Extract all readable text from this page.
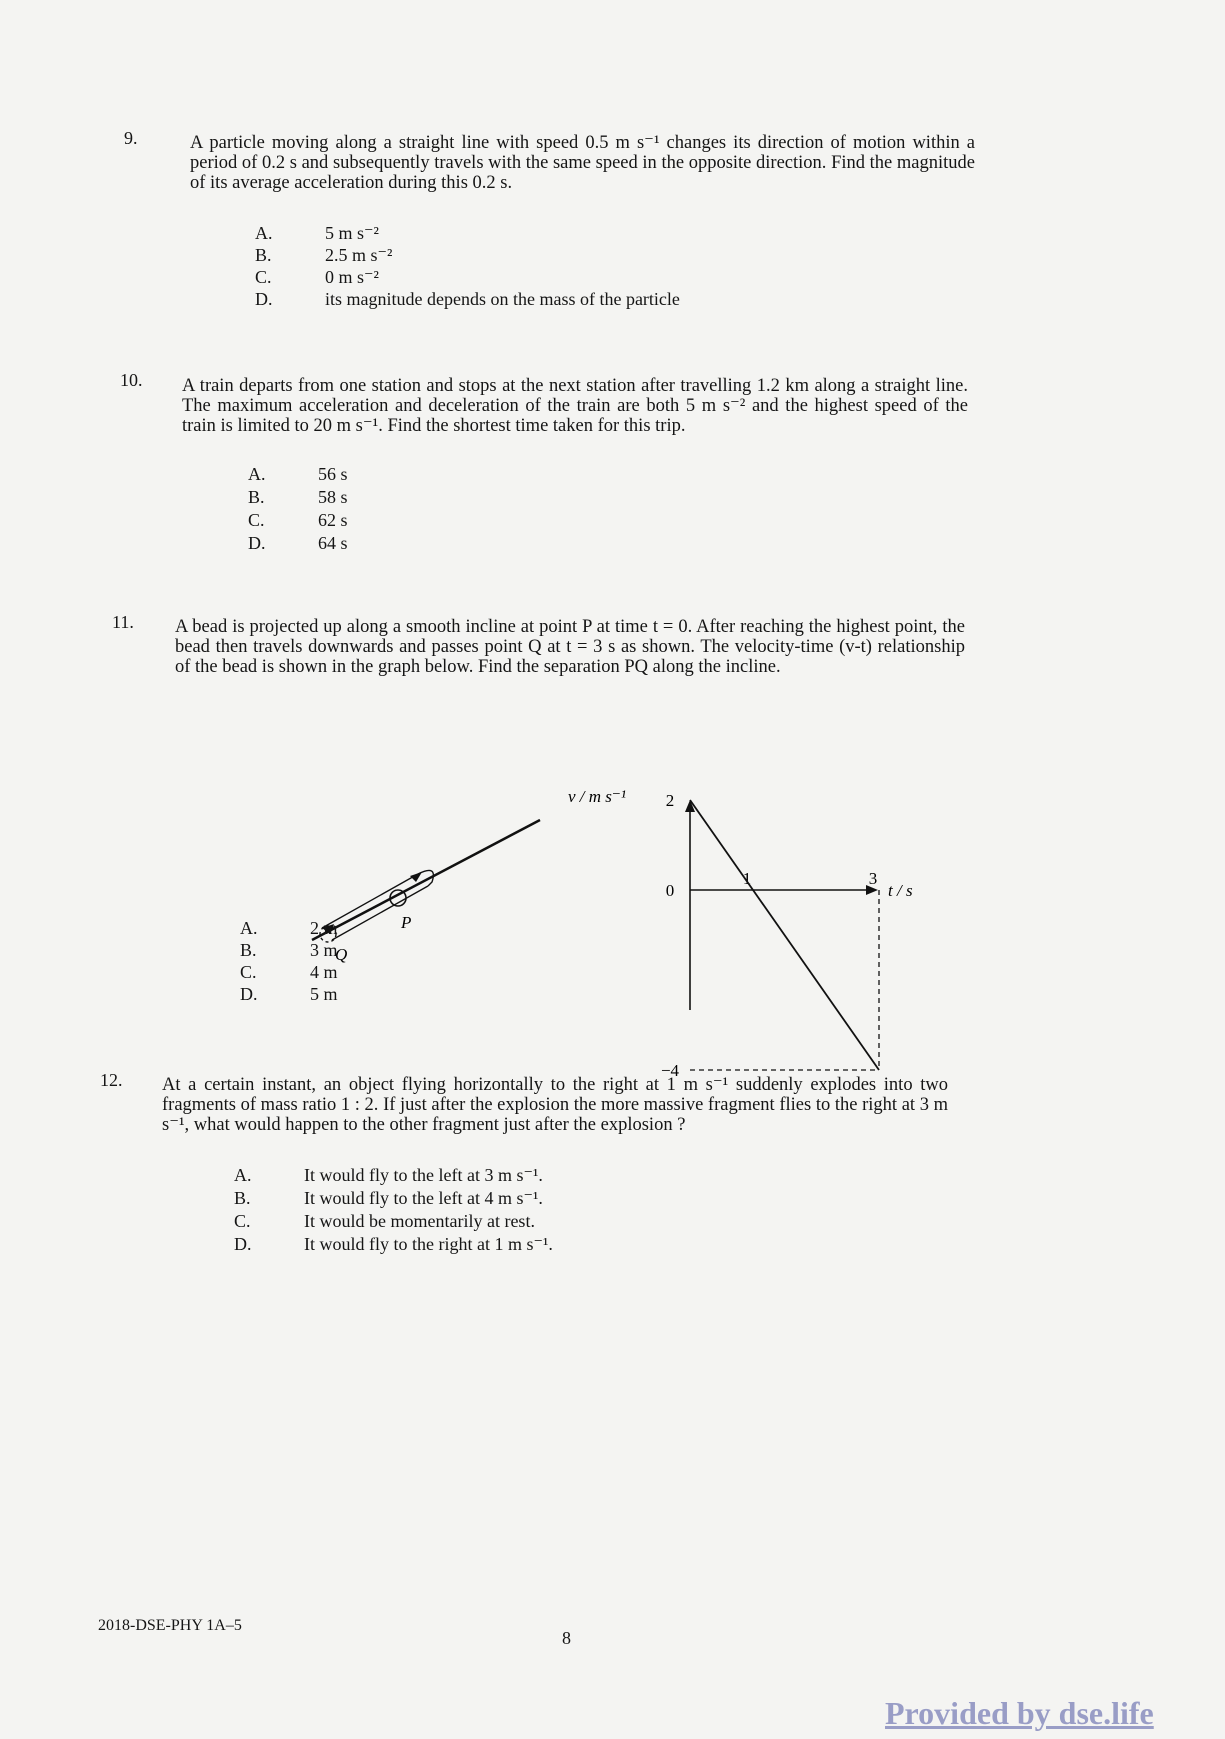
9.	A particle moving along a straight line with speed 0.5 m s⁻¹ changes its direction of motion within a period of 0.2 s and subsequently travels with the same speed in the opposite direction. Find the magnitude of its average acceleration during this 0.2 s.
A.	5 m s⁻²
B.	2.5 m s⁻²
C.	0 m s⁻²
D.	its magnitude depends on the mass of the particle
10. A train departs from one station and stops at the next station after travelling 1.2 km along a straight line. The maximum acceleration and deceleration of the train are both 5 m s⁻² and the highest speed of the train is limited to 20 m s⁻¹. Find the shortest time taken for this trip.
A.	56 s
B.	58 s
C.	62 s
D.	64 s
11. A bead is projected up along a smooth incline at point P at time t = 0. After reaching the highest point, the bead then travels downwards and passes point Q at t = 3 s as shown. The velocity-time (v-t) relationship of the bead is shown in the graph below. Find the separation PQ along the incline.
P
Q
v / m s⁻¹
t / s
2
0
−4
1	3
A.	2 m
B.	3 m
C.	4 m
D.	5 m
12. At a certain instant, an object flying horizontally to the right at 1 m s⁻¹ suddenly explodes into two fragments of mass ratio 1 : 2. If just after the explosion the more massive fragment flies to the right at 3 m s⁻¹, what would happen to the other fragment just after the explosion ?
A.	It would fly to the left at 3 m s⁻¹.
B.	It would fly to the left at 4 m s⁻¹.
C.	It would be momentarily at rest.
D.	It would fly to the right at 1 m s⁻¹.
2018-DSE-PHY 1A–5
8
Provided by dse.life
